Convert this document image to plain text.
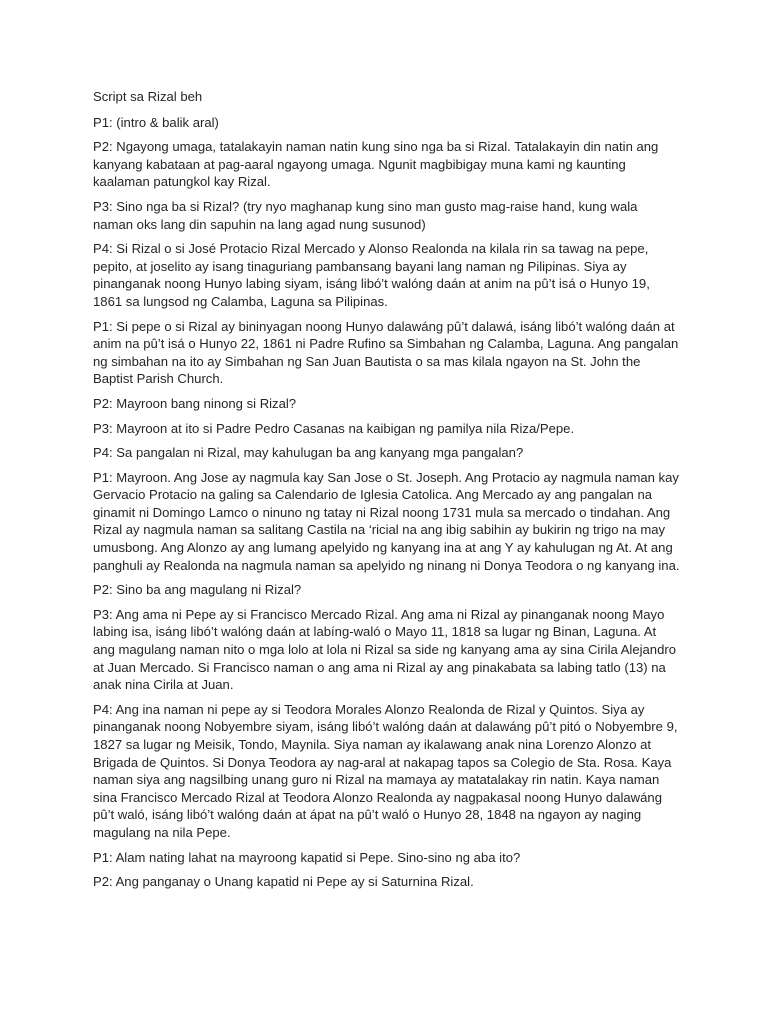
Script sa Rizal beh

P1: (intro & balik aral)

P2: Ngayong umaga, tatalakayin naman natin kung sino nga ba si Rizal. Tatalakayin din natin ang kanyang kabataan at pag-aaral ngayong umaga. Ngunit magbibigay muna kami ng kaunting kaalaman patungkol kay Rizal.

P3: Sino nga ba si Rizal? (try nyo maghanap kung sino man gusto mag-raise hand, kung wala naman oks lang din sapuhin na lang agad nung susunod)

P4: Si Rizal o si José Protacio Rizal Mercado y Alonso Realonda na kilala rin sa tawag na pepe, pepito, at joselito ay isang tinaguriang pambansang bayani lang naman ng Pilipinas. Siya ay pinanganak noong Hunyo labing siyam, isáng libó’t walóng daán at anim na pû’t isá o Hunyo 19, 1861 sa lungsod ng Calamba, Laguna sa Pilipinas.

P1: Si pepe o si Rizal ay bininyagan noong Hunyo dalawáng pû’t dalawá, isáng libó’t walóng daán at anim na pû’t isá o Hunyo 22, 1861 ni Padre Rufino sa Simbahan ng Calamba, Laguna. Ang pangalan ng simbahan na ito ay Simbahan ng San Juan Bautista o sa mas kilala ngayon na St. John the Baptist Parish Church.

P2: Mayroon bang ninong si Rizal?

P3: Mayroon at ito si Padre Pedro Casanas na kaibigan ng pamilya nila Riza/Pepe.

P4: Sa pangalan ni Rizal, may kahulugan ba ang kanyang mga pangalan?

P1: Mayroon. Ang Jose ay nagmula kay San Jose o St. Joseph. Ang Protacio ay nagmula naman kay Gervacio Protacio na galing sa Calendario de Iglesia Catolica. Ang Mercado ay ang pangalan na ginamit ni Domingo Lamco o ninuno ng tatay ni Rizal noong 1731 mula sa mercado o tindahan. Ang Rizal ay nagmula naman sa salitang Castila na ‘ricial na ang ibig sabihin ay bukirin ng trigo na may umusbong. Ang Alonzo ay ang lumang apelyido ng kanyang ina at ang Y ay kahulugan ng At. At ang panghuli ay Realonda na nagmula naman sa apelyido ng ninang ni Donya Teodora o ng kanyang ina.

P2: Sino ba ang magulang ni Rizal?

P3: Ang ama ni Pepe ay si Francisco Mercado Rizal. Ang ama ni Rizal ay pinanganak noong Mayo labing isa, isáng libó’t walóng daán at labíng-waló o Mayo 11, 1818 sa lugar ng Binan, Laguna. At ang magulang naman nito o mga lolo at lola ni Rizal sa side ng kanyang ama ay sina Cirila Alejandro at Juan Mercado. Si Francisco naman o ang ama ni Rizal ay ang pinakabata sa labing tatlo (13) na anak nina Cirila at Juan.

P4: Ang ina naman ni pepe ay si Teodora Morales Alonzo Realonda de Rizal y Quintos. Siya ay pinanganak noong Nobyembre siyam, isáng libó’t walóng daán at dalawáng pû’t pitó o Nobyembre 9, 1827 sa lugar ng Meisik, Tondo, Maynila. Siya naman ay ikalawang anak nina Lorenzo Alonzo at Brigada de Quintos. Si Donya Teodora ay nag-aral at nakapag tapos sa Colegio de Sta. Rosa. Kaya naman siya ang nagsilbing unang guro ni Rizal na mamaya ay matatalakay rin natin. Kaya naman sina Francisco Mercado Rizal at Teodora Alonzo Realonda ay nagpakasal noong Hunyo dalawáng pû’t waló, isáng libó’t walóng daán at ápat na pû’t waló o Hunyo 28, 1848 na ngayon ay naging magulang na nila Pepe.

P1: Alam nating lahat na mayroong kapatid si Pepe. Sino-sino ng aba ito?

P2: Ang panganay o Unang kapatid ni Pepe ay si Saturnina Rizal.
